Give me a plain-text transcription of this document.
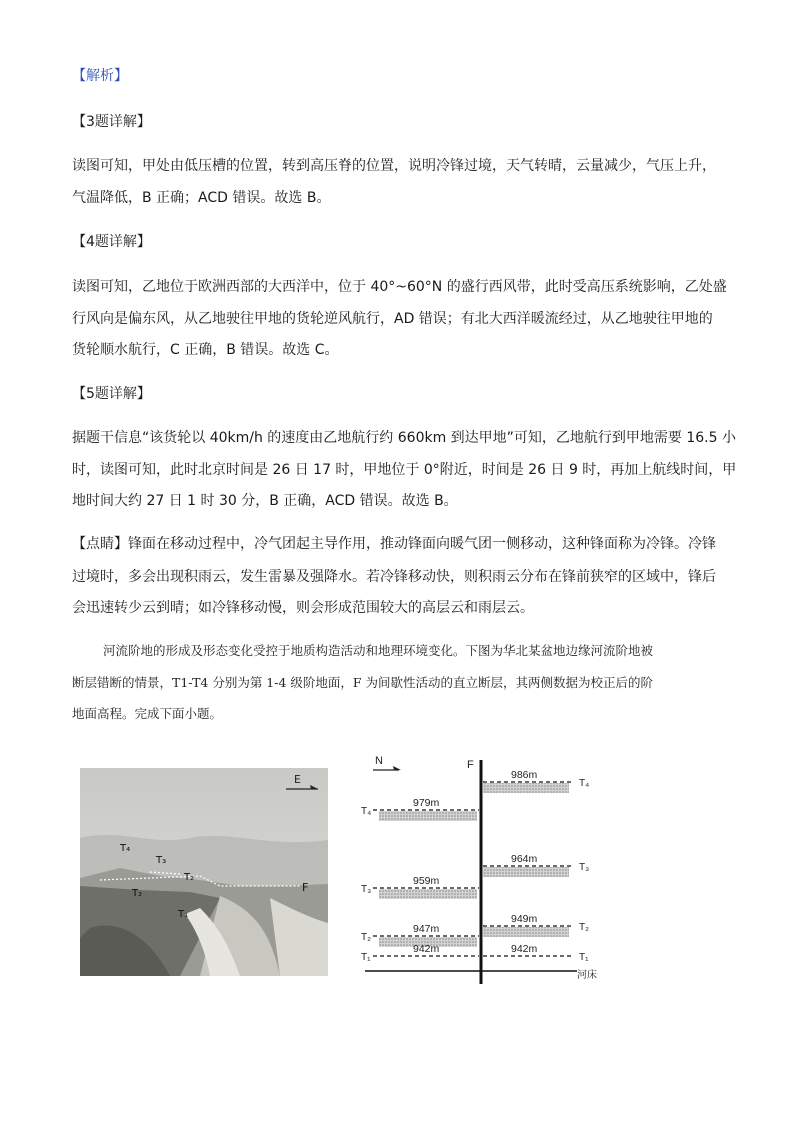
【解析】
【3题详解】
读图可知，甲处由低压槽的位置，转到高压脊的位置，说明冷锋过境，天气转晴，云量减少，气压上升，
气温降低，B 正确；ACD 错误。故选 B。
【4题详解】
读图可知，乙地位于欧洲西部的大西洋中，位于 40°~60°N 的盛行西风带，此时受高压系统影响，乙处盛
行风向是偏东风，从乙地驶往甲地的货轮逆风航行，AD 错误；有北大西洋暖流经过，从乙地驶往甲地的
货轮顺水航行，C 正确，B 错误。故选 C。
【5题详解】
据题干信息“该货轮以 40km/h 的速度由乙地航行约 660km 到达甲地”可知，乙地航行到甲地需要 16.5 小
时，读图可知，此时北京时间是 26 日 17 时，甲地位于 0°附近，时间是 26 日 9 时，再加上航线时间，甲
地时间大约 27 日 1 时 30 分，B 正确，ACD 错误。故选 B。
【点睛】锋面在移动过程中，冷气团起主导作用，推动锋面向暖气团一侧移动，这种锋面称为冷锋。冷锋
过境时，多会出现积雨云，发生雷暴及强降水。若冷锋移动快，则积雨云分布在锋前狭窄的区域中，锋后
会迅速转少云到晴；如冷锋移动慢，则会形成范围较大的高层云和雨层云。
河流阶地的形成及形态变化受控于地质构造活动和地理环境变化。下图为华北某盆地边缘河流阶地被
断层错断的情景，T1-T4 分别为第 1-4 级阶地面，F 为间歇性活动的直立断层，其两侧数据为校正后的阶
地面高程。完成下面小题。
E
T₄
T₃
T₂
T₂
T₁
F
N	F
河床
T₄
979m
T₃
959m
T₂
947m
T₁
942m
T₄
986m
T₃
964m
T₂
949m
T₁
942m
